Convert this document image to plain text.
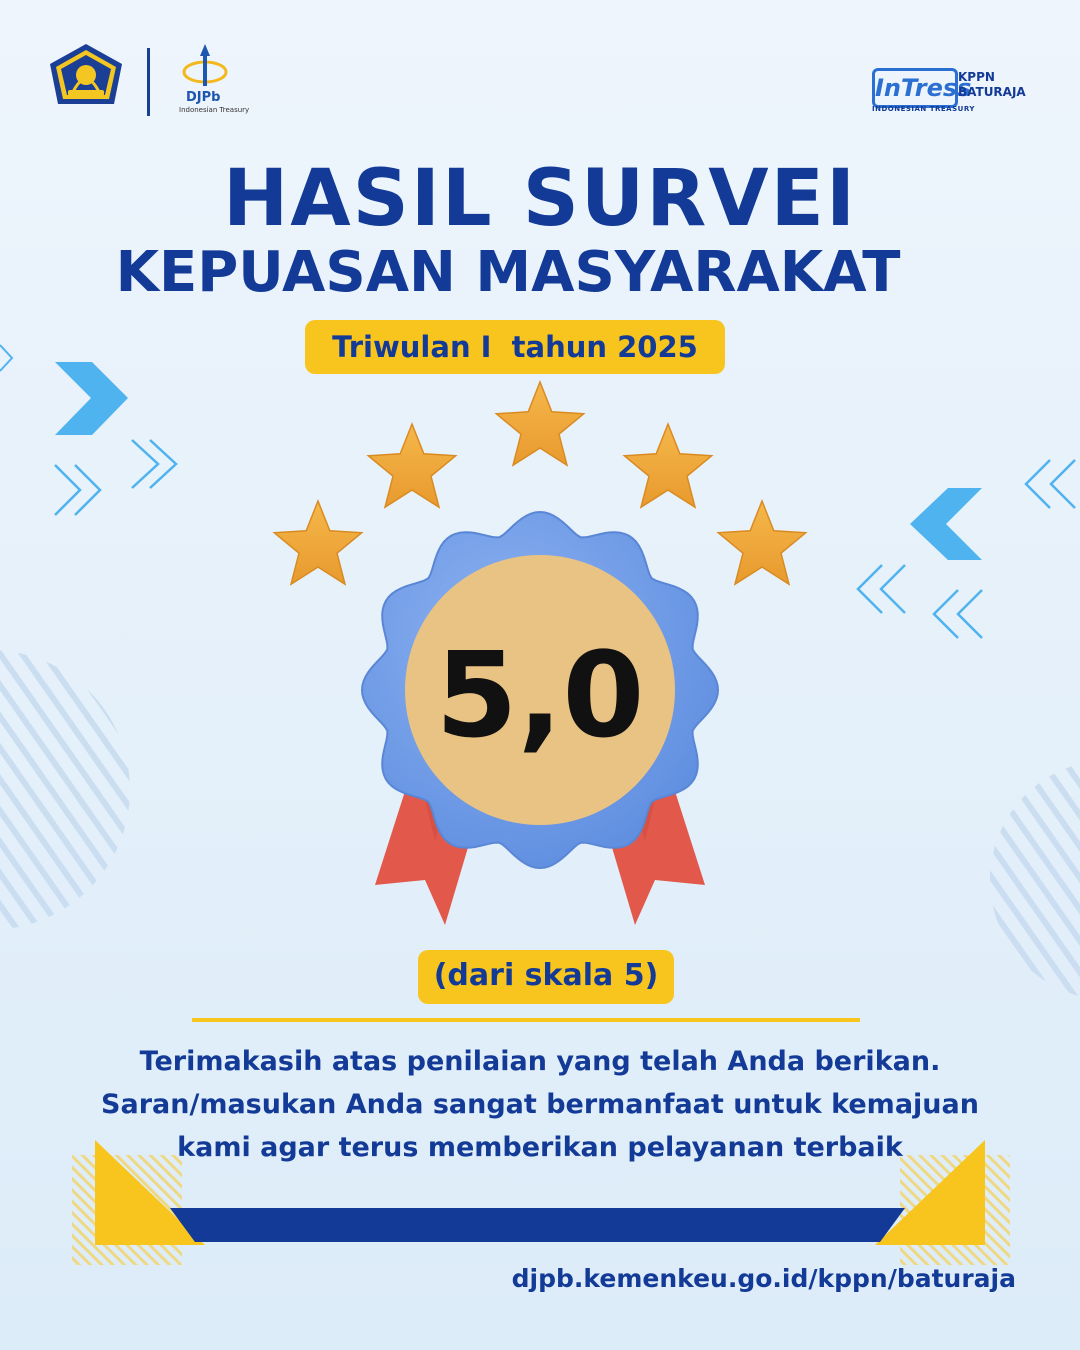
DJPb
Indonesian Treasury
InTress
KPPN
BATURAJA
INDONESIAN TREASURY
HASIL SURVEI
KEPUASAN MASYARAKAT
Triwulan I  tahun 2025
5,0
(dari skala 5)
Terimakasih atas penilaian yang telah Anda berikan.
Saran/masukan Anda sangat bermanfaat untuk kemajuan
kami agar terus memberikan pelayanan terbaik
djpb.kemenkeu.go.id/kppn/baturaja
